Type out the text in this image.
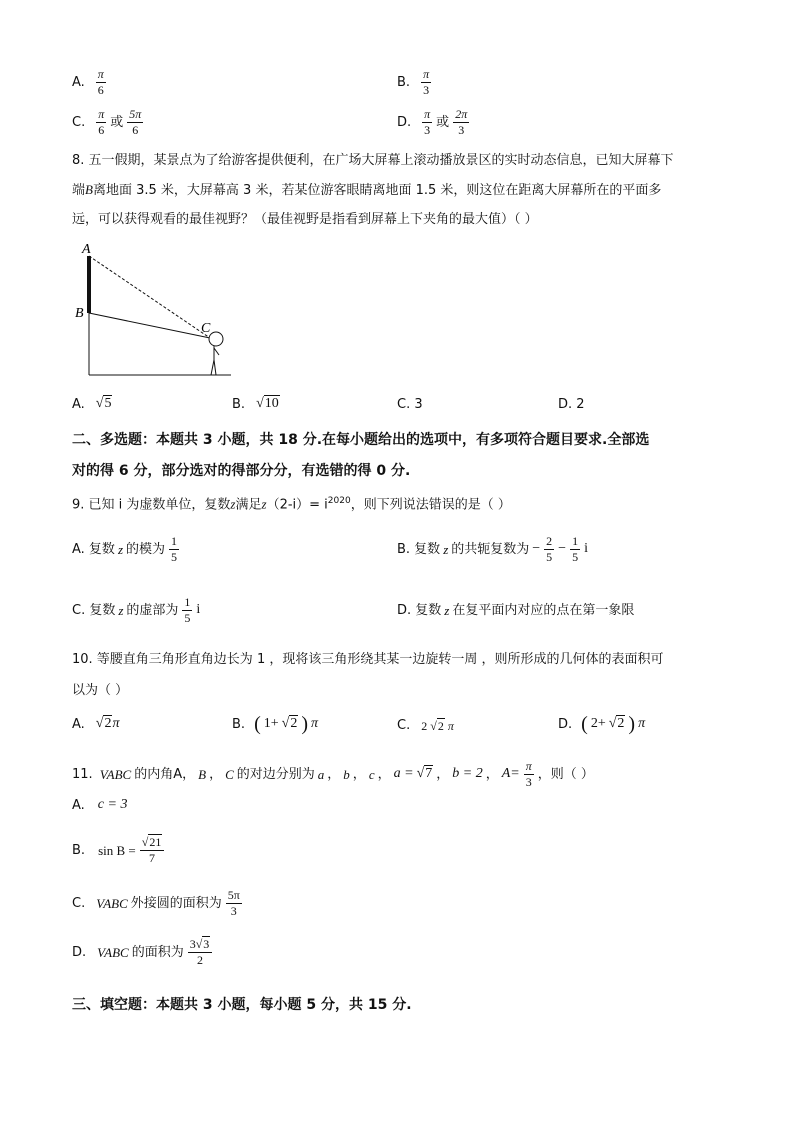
A. $\frac{\pi}{6}$	B. $\frac{\pi}{3}$
C. $\frac{\pi}{6}$ 或 $\frac{5\pi}{6}$	D. $\frac{\pi}{3}$ 或 $\frac{2\pi}{3}$
8. 五一假期，某景点为了给游客提供便利，在广场大屏幕上滚动播放景区的实时动态信息，已知大屏幕下
端B离地面 3.5 米，大屏幕高 3 米，若某位游客眼睛离地面 1.5 米，则这位在距离大屏幕所在的平面多
远，可以获得观看的最佳视野？（最佳视野是指看到屏幕上下夹角的最大值）（ ）
A
B
C
A. √5	B. √10	C. 3	D. 2
二、多选题：本题共 3 小题，共 18 分.在每小题给出的选项中，有多项符合题目要求.全部选
对的得 6 分，部分选对的得部分分，有选错的得 0 分.
9. 已知 i 为虚数单位，复数z满足$z(2-i)= i^{2020}$，则下列说法错误的是（ ）
A. 复数 z 的模为 $\frac{1}{5}$	B. 复数 z 的共轭复数为 − $\frac{2}{5} - \frac{1}{5}$ i
C. 复数 z 的虚部为 $\frac{1}{5}$ i	D. 复数 z 在复平面内对应的点在第一象限
10. 等腰直角三角形直角边长为 1 ，现将该三角形绕其某一边旋转一周 ，则所形成的几何体的表面积可
以为（ ）
A. √2π	B. ( 1+ √2 ) π	C. 2 √2 π	D. ( 2+ √2 ) π
11. VABC 的内角A， B ， C 的对边分别为 a ， b ， c ， a = √7 ， b = 2 ， $A= \frac{\pi}{3}$ ，则（ ）
A. c = 3
B. $\sin B = \frac{√21}{7}$
C. VABC 外接圆的面积为 $\frac{5\pi}{3}$
D. VABC 的面积为 $\frac{3√3}{2}$
三、填空题：本题共 3 小题，每小题 5 分，共 15 分.
